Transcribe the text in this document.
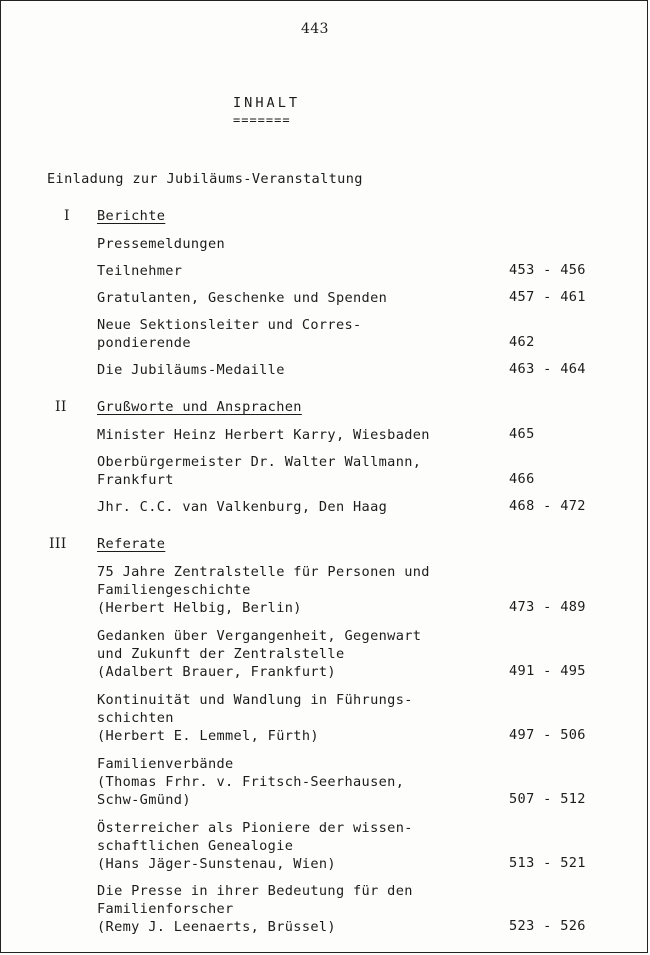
443
INHALT
=======
Einladung zur Jubiläums-Veranstaltung
I Berichte
Pressemeldungen
Teilnehmer	453 - 456
Gratulanten, Geschenke und Spenden	457 - 461
Neue Sektionsleiter und Corres-
pondierende	462
Die Jubiläums-Medaille	463 - 464
II Grußworte und Ansprachen
Minister Heinz Herbert Karry, Wiesbaden	465
Oberbürgermeister Dr. Walter Wallmann,
Frankfurt	466
Jhr. C.C. van Valkenburg, Den Haag	468 - 472
III Referate
75 Jahre Zentralstelle für Personen und
Familiengeschichte
(Herbert Helbig, Berlin)	473 - 489
Gedanken über Vergangenheit, Gegenwart
und Zukunft der Zentralstelle
(Adalbert Brauer, Frankfurt)	491 - 495
Kontinuität und Wandlung in Führungs-
schichten
(Herbert E. Lemmel, Fürth)	497 - 506
Familienverbände
(Thomas Frhr. v. Fritsch-Seerhausen,
Schw-Gmünd)	507 - 512
Österreicher als Pioniere der wissen-
schaftlichen Genealogie
(Hans Jäger-Sunstenau, Wien)	513 - 521
Die Presse in ihrer Bedeutung für den
Familienforscher
(Remy J. Leenaerts, Brüssel)	523 - 526
